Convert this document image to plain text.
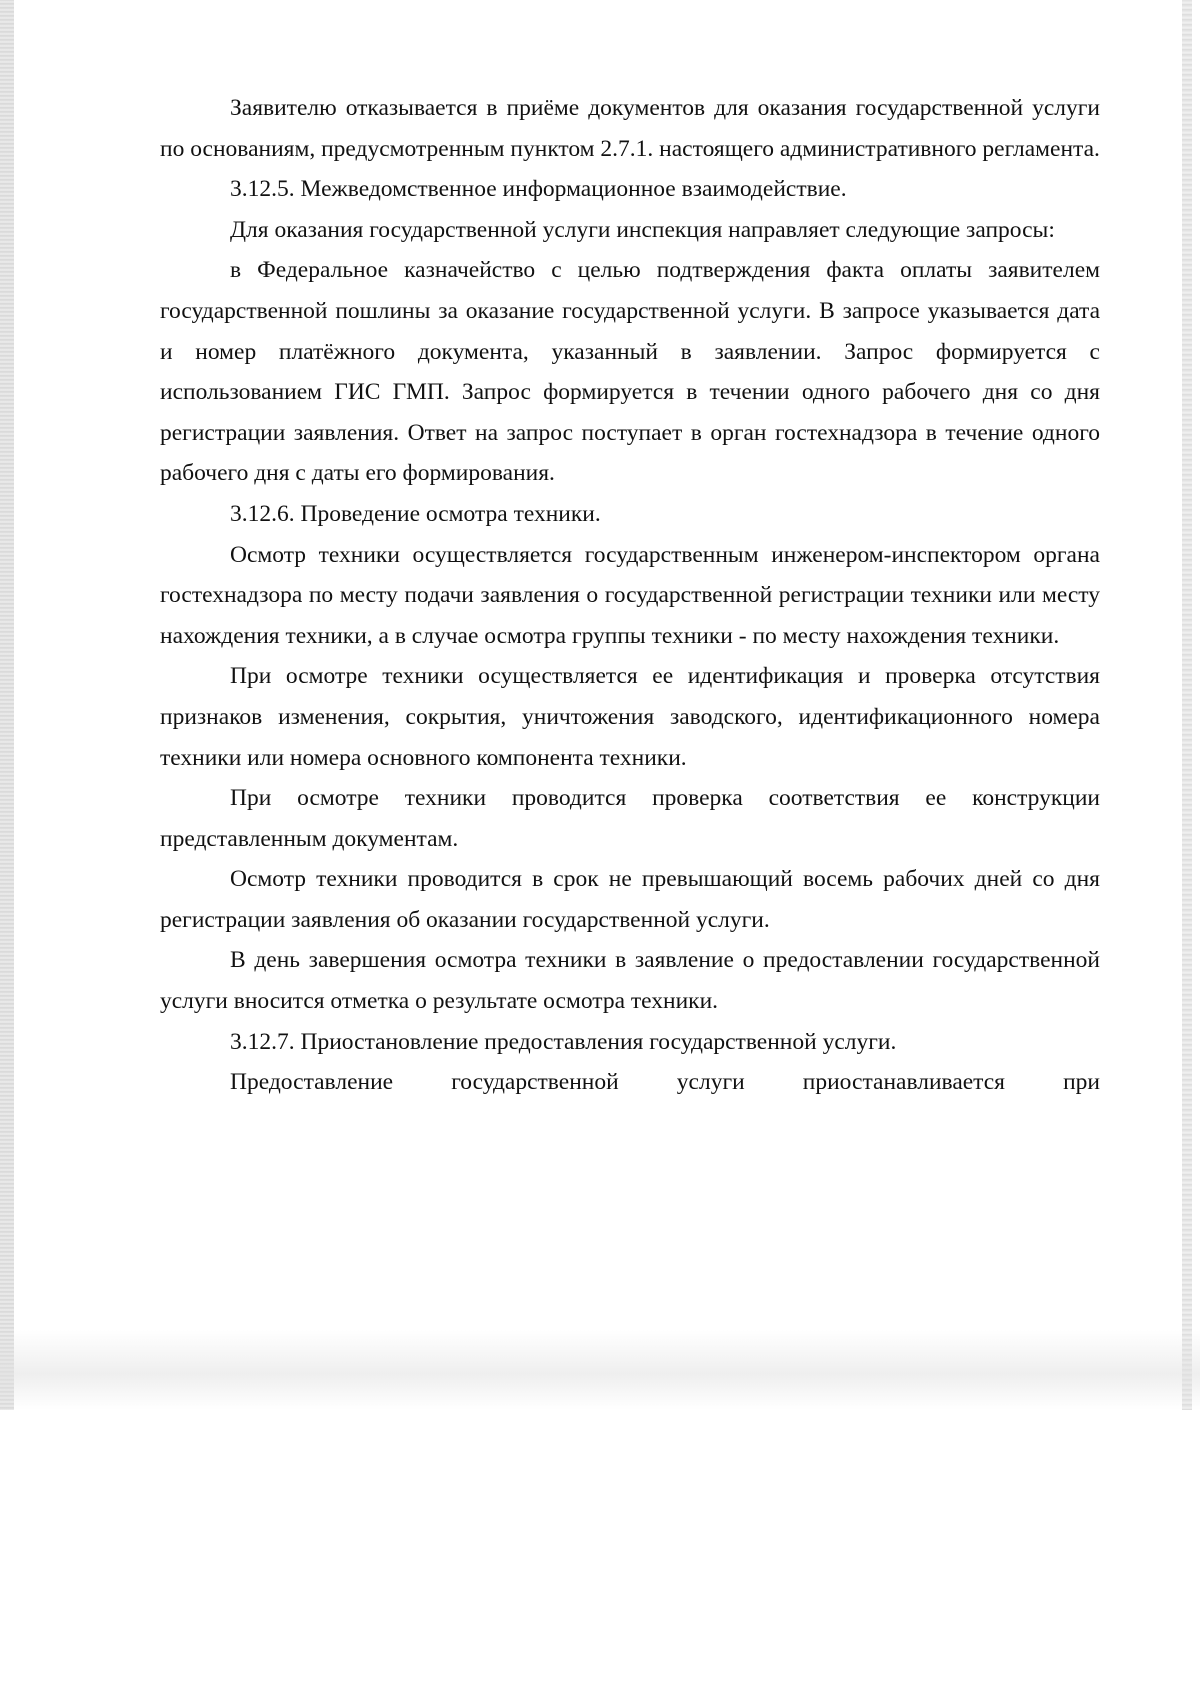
Заявителю отказывается в приёме документов для оказания государственной услуги по основаниям, предусмотренным пунктом 2.7.1. настоящего административного регламента.

3.12.5. Межведомственное информационное взаимодействие.

Для оказания государственной услуги инспекция направляет следующие запросы:

в Федеральное казначейство с целью подтверждения факта оплаты заявителем государственной пошлины за оказание государственной услуги. В запросе указывается дата и номер платёжного документа, указанный в заявлении. Запрос формируется с использованием ГИС ГМП. Запрос формируется в течении одного рабочего дня со дня регистрации заявления. Ответ на запрос поступает в орган гостехнадзора в течение одного рабочего дня с даты его формирования.

3.12.6. Проведение осмотра техники.

Осмотр техники осуществляется государственным инженером-инспектором органа гостехнадзора по месту подачи заявления о государственной регистрации техники или месту нахождения техники, а в случае осмотра группы техники - по месту нахождения техники.

При осмотре техники осуществляется ее идентификация и проверка отсутствия признаков изменения, сокрытия, уничтожения заводского, идентификационного номера техники или номера основного компонента техники.

При осмотре техники проводится проверка соответствия ее конструкции представленным документам.

Осмотр техники проводится в срок не превышающий восемь рабочих дней со дня регистрации заявления об оказании государственной услуги.

В день завершения осмотра техники в заявление о предоставлении государственной услуги вносится отметка о результате осмотра техники.

3.12.7. Приостановление предоставления государственной услуги.

Предоставление государственной услуги приостанавливается при
